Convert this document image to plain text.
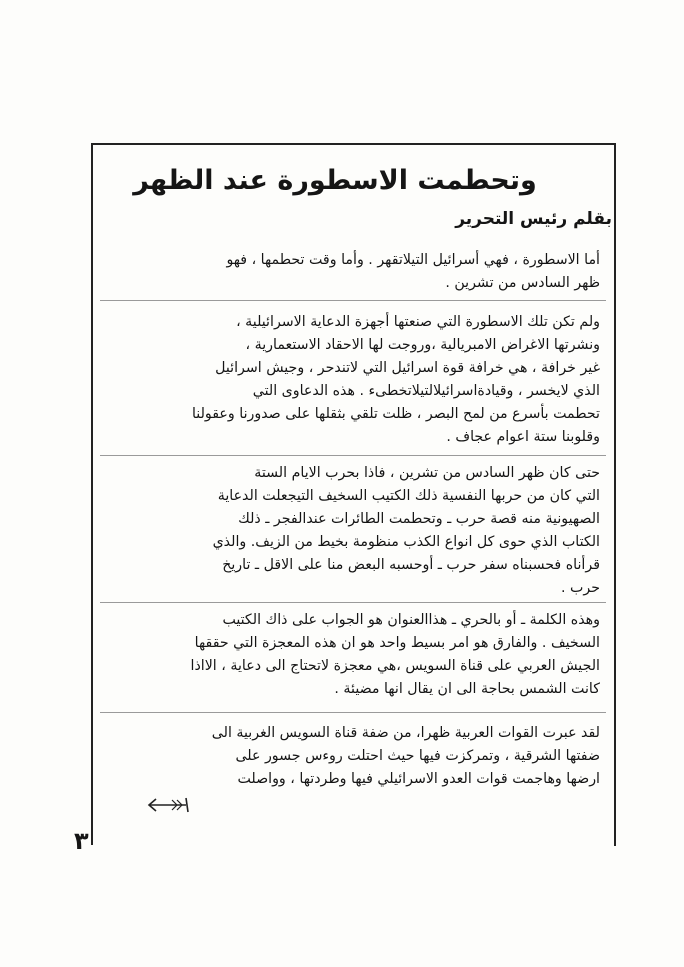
وتحطمت الاسطورة عند الظهر
بقلم رئيس التحرير

أما الاسطورة ، فهي أسرائيل التيلاتقهر . وأما وقت تحطمها ، فهو
ظهر السادس من تشرين .

ولم تكن تلك الاسطورة التي صنعتها أجهزة الدعاية الاسرائيلية ،
ونشرتها الاغراض الامبريالية ،وروجت لها الاحقاد الاستعمارية ،
غير خرافة ، هي خرافة قوة اسرائيل التي لاتندحر ، وجيش اسرائيل
الذي لايخسر ، وقيادةاسرائيلالتيلاتخطىء . هذه الدعاوى التي
تحطمت بأسرع من لمح البصر ، ظلت تلقي بثقلها على صدورنا وعقولنا
وقلوبنا ستة اعوام عجاف .

حتى كان ظهر السادس من تشرين ، فاذا بحرب الايام الستة
التي كان من حربها النفسية ذلك الكتيب السخيف التيجعلت الدعاية
الصهيونية منه قصة حرب ـ وتحطمت الطائرات عندالفجر ـ ذلك
الكتاب الذي حوى كل انواع الكذب منظومة بخيط من الزيف. والذي
قرأناه فحسبناه سفر حرب ـ أوحسبه البعض منا على الاقل ـ تاريخ
حرب .

وهذه الكلمة ـ أو بالحري ـ هذاالعنوان هو الجواب على ذاك الكتيب
السخيف . والفارق هو امر بسيط واحد هو ان هذه المعجزة التي حققها
الجيش العربي على قناة السويس ،هي معجزة لاتحتاج الى دعاية ، الااذا
كانت الشمس بحاجة الى ان يقال انها مضيئة .

لقد عبرت القوات العربية ظهرا، من ضفة قناة السويس الغربية الى
ضفتها الشرقية ، وتمركزت فيها حيث احتلت روءس جسور على
ارضها وهاجمت قوات العدو الاسرائيلي فيها وطردتها ، وواصلت

٣
